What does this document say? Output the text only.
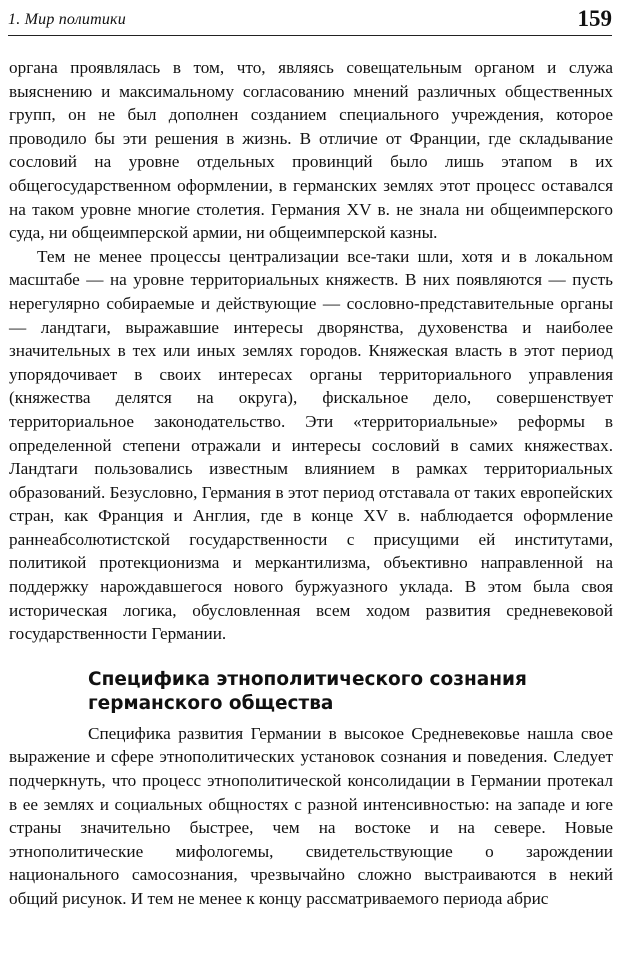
1. Мир политики	159

органа проявлялась в том, что, являясь совещательным органом и служа выяснению и максимальному согласованию мнений различных общественных групп, он не был дополнен созданием специального учреждения, которое проводило бы эти решения в жизнь. В отличие от Франции, где складывание сословий на уровне отдельных провинций было лишь этапом в их общегосударственном оформлении, в германских землях этот процесс оставался на таком уровне многие столетия. Германия XV в. не знала ни общеимперского суда, ни общеимперской армии, ни общеимперской казны.

Тем не менее процессы централизации все-таки шли, хотя и в локальном масштабе — на уровне территориальных княжеств. В них появляются — пусть нерегулярно собираемые и действующие — сословно-представительные органы — ландтаги, выражавшие интересы дворянства, духовенства и наиболее значительных в тех или иных землях городов. Княжеская власть в этот период упорядочивает в своих интересах органы территориального управления (княжества делятся на округа), фискальное дело, совершенствует территориальное законодательство. Эти «территориальные» реформы в определенной степени отражали и интересы сословий в самих княжествах. Ландтаги пользовались известным влиянием в рамках территориальных образований. Безусловно, Германия в этот период отставала от таких европейских стран, как Франция и Англия, где в конце XV в. наблюдается оформление раннеабсолютистской государственности с присущими ей институтами, политикой протекционизма и меркантилизма, объективно направленной на поддержку нарождавшегося нового буржуазного уклада. В этом была своя историческая логика, обусловленная всем ходом развития средневековой государственности Германии.

Специфика этнополитического сознания
германского общества

Специфика развития Германии в высокое Средневековье нашла свое выражение и сфере этнополитических установок сознания и поведения. Следует подчеркнуть, что процесс этнополитической консолидации в Германии протекал в ее землях и социальных общностях с разной интенсивностью: на западе и юге страны значительно быстрее, чем на востоке и на севере. Новые этнополитические мифологемы, свидетельствующие о зарождении национального самосознания, чрезвычайно сложно выстраиваются в некий общий рисунок. И тем не менее к концу рассматриваемого периода абрис
